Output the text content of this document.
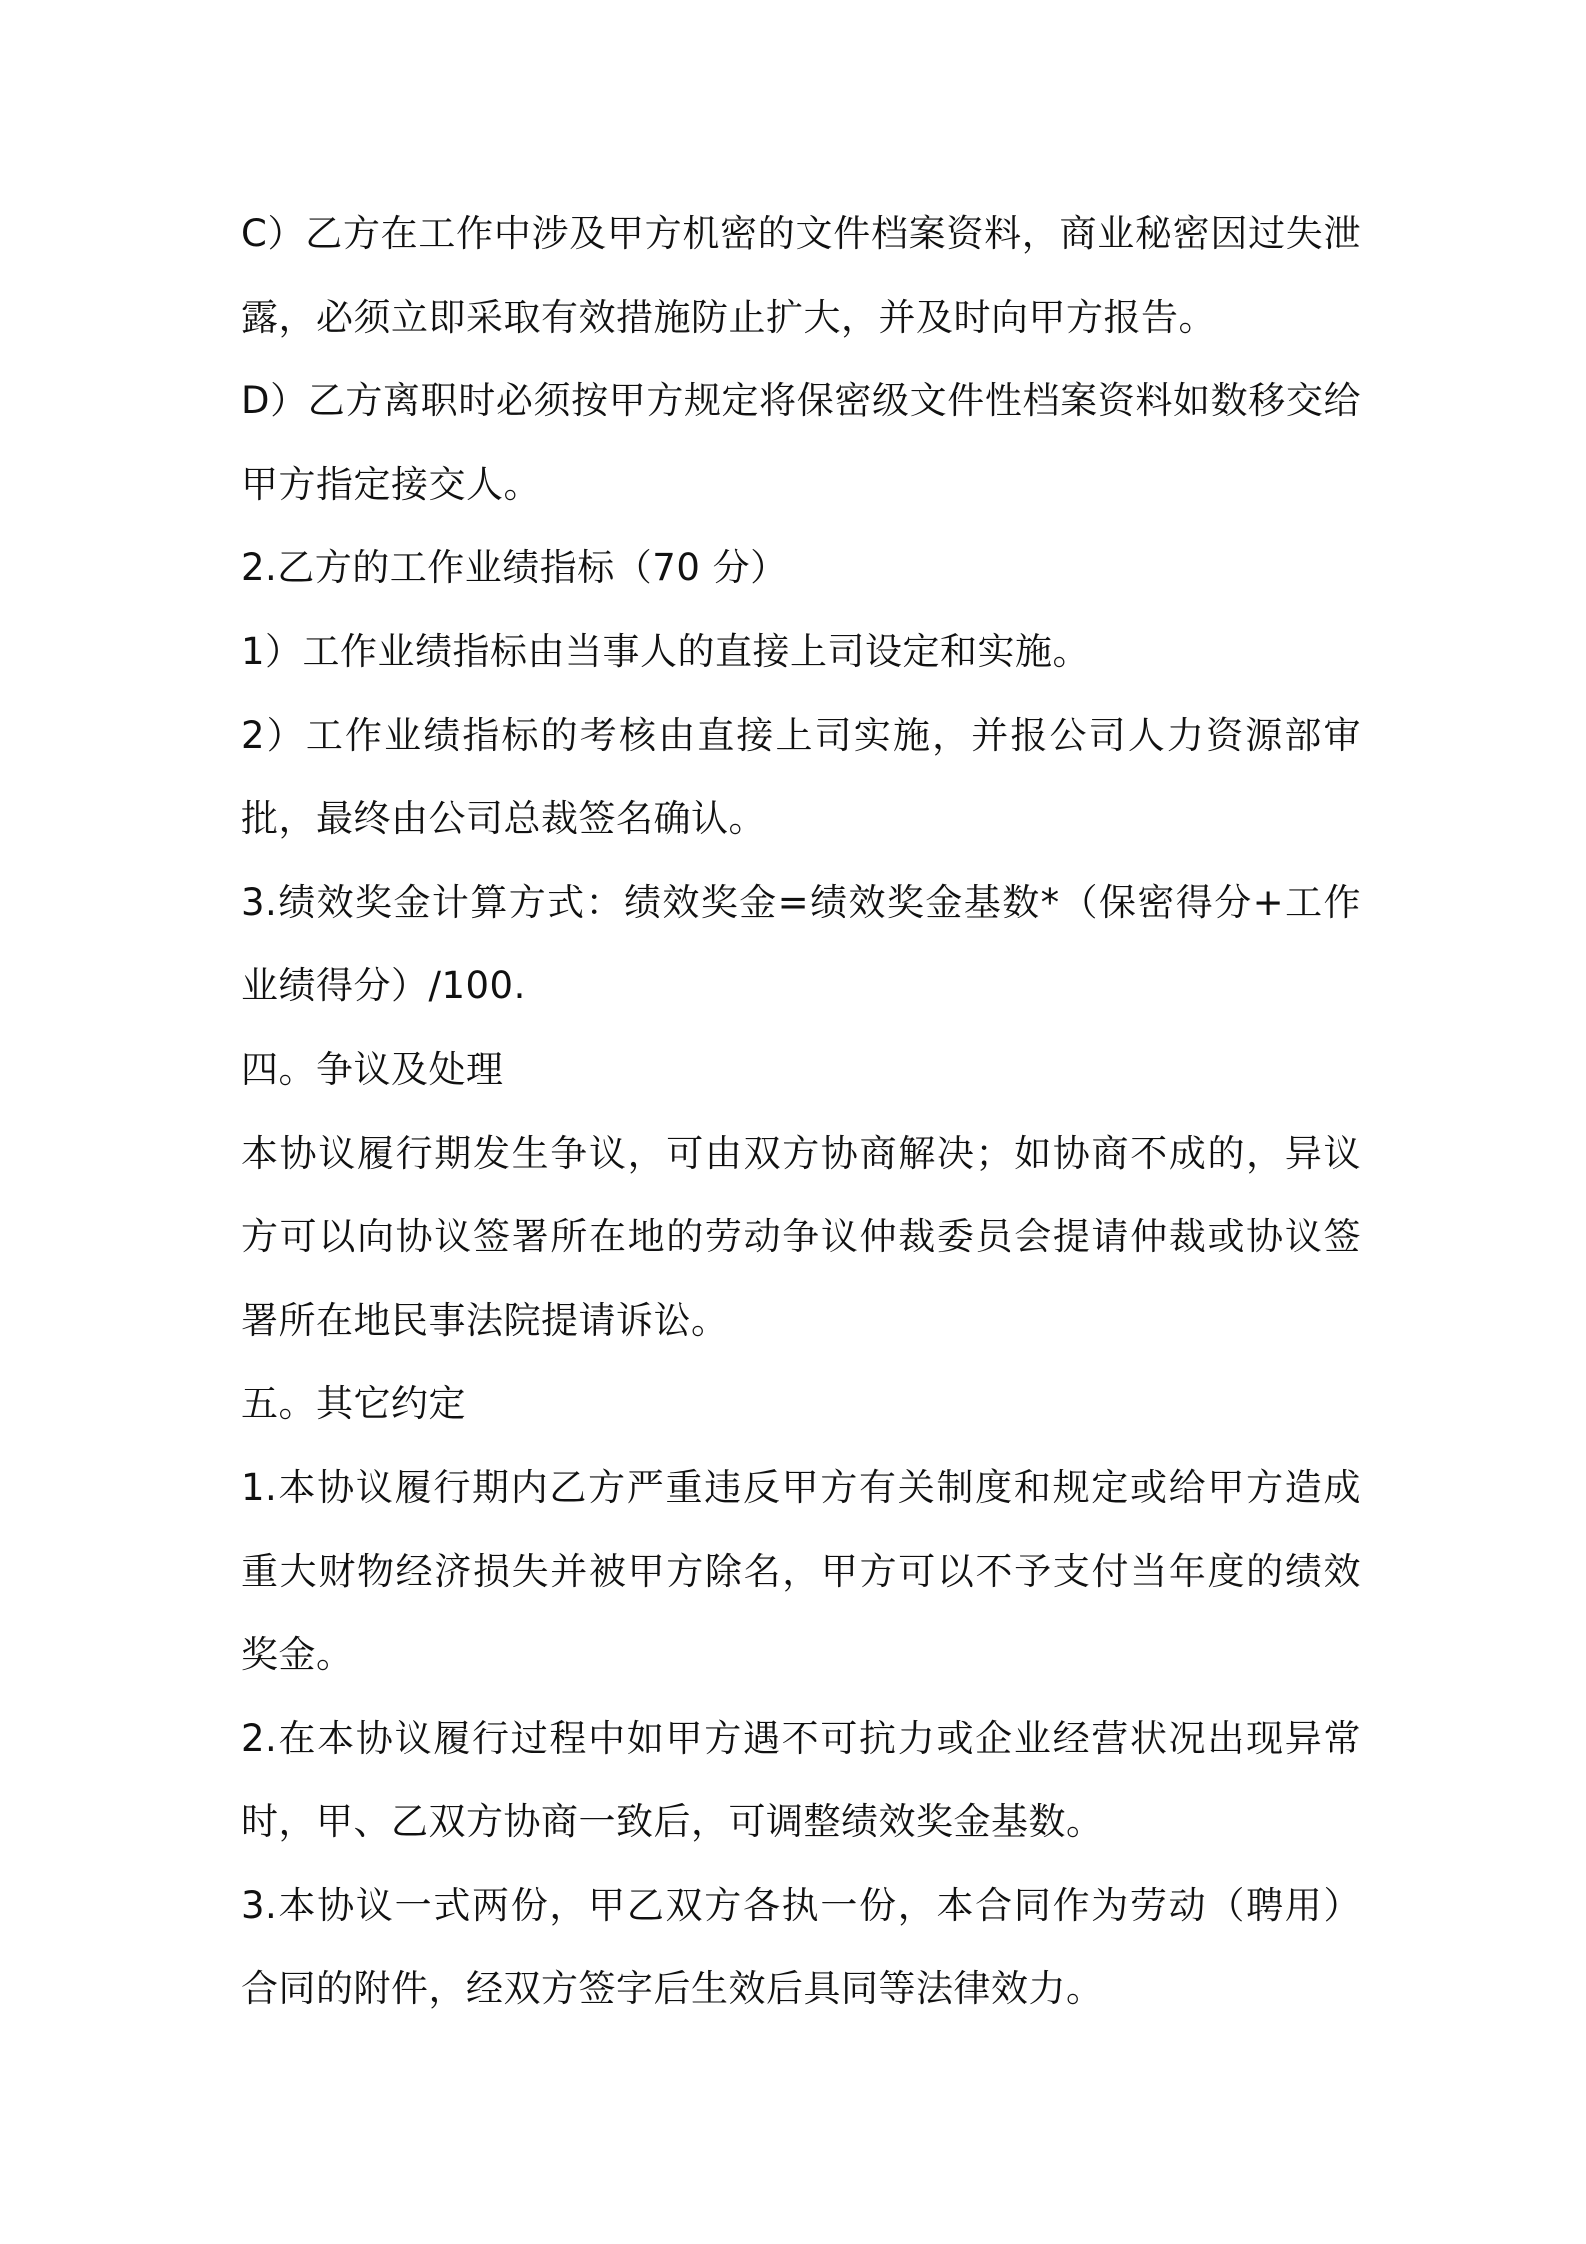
C）乙方在工作中涉及甲方机密的文件档案资料，商业秘密因过失泄露，必须立即采取有效措施防止扩大，并及时向甲方报告。

D）乙方离职时必须按甲方规定将保密级文件性档案资料如数移交给甲方指定接交人。

2.乙方的工作业绩指标（70 分）

1）工作业绩指标由当事人的直接上司设定和实施。

2）工作业绩指标的考核由直接上司实施，并报公司人力资源部审批，最终由公司总裁签名确认。

3.绩效奖金计算方式：绩效奖金=绩效奖金基数*（保密得分+工作业绩得分）/100.

四。争议及处理

本协议履行期发生争议，可由双方协商解决；如协商不成的，异议方可以向协议签署所在地的劳动争议仲裁委员会提请仲裁或协议签署所在地民事法院提请诉讼。

五。其它约定

1.本协议履行期内乙方严重违反甲方有关制度和规定或给甲方造成重大财物经济损失并被甲方除名，甲方可以不予支付当年度的绩效奖金。

2.在本协议履行过程中如甲方遇不可抗力或企业经营状况出现异常时，甲、乙双方协商一致后，可调整绩效奖金基数。

3.本协议一式两份，甲乙双方各执一份，本合同作为劳动（聘用）合同的附件，经双方签字后生效后具同等法律效力。
